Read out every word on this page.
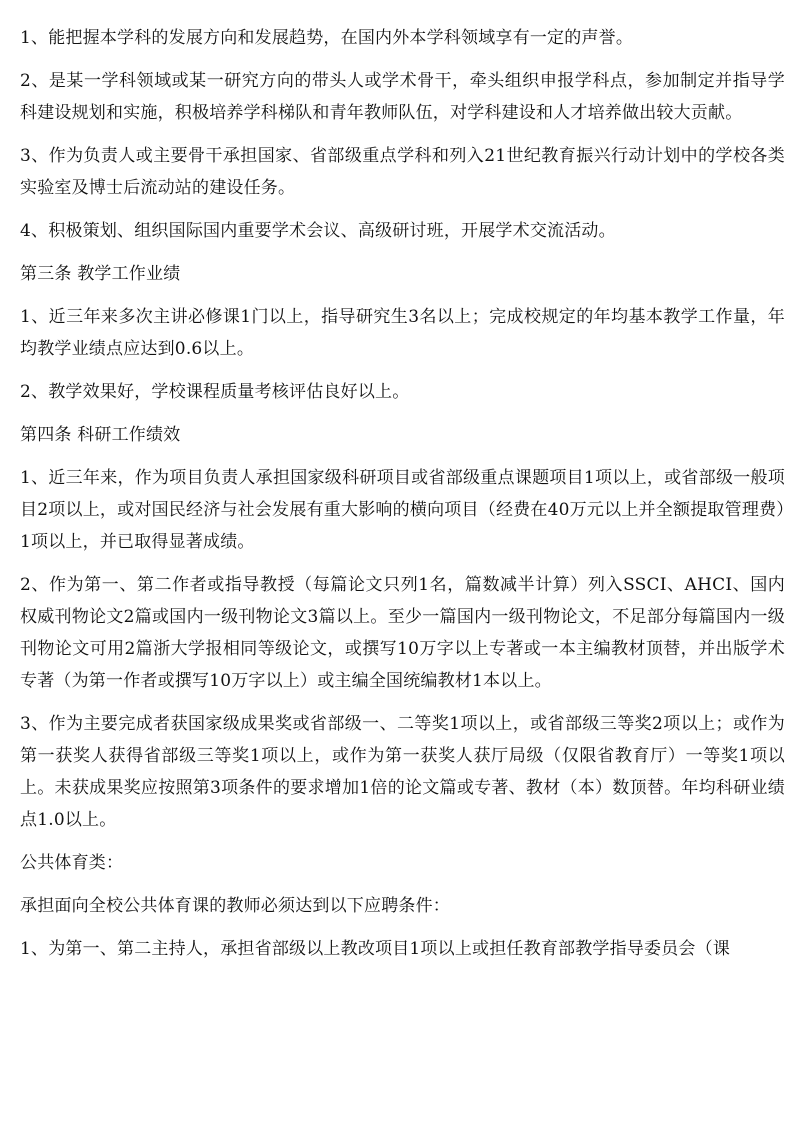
1、能把握本学科的发展方向和发展趋势，在国内外本学科领域享有一定的声誉。

2、是某一学科领域或某一研究方向的带头人或学术骨干，牵头组织申报学科点，参加制定并指导学科建设规划和实施，积极培养学科梯队和青年教师队伍，对学科建设和人才培养做出较大贡献。

3、作为负责人或主要骨干承担国家、省部级重点学科和列入21世纪教育振兴行动计划中的学校各类实验室及博士后流动站的建设任务。

4、积极策划、组织国际国内重要学术会议、高级研讨班，开展学术交流活动。

第三条 教学工作业绩

1、近三年来多次主讲必修课1门以上，指导研究生3名以上；完成校规定的年均基本教学工作量，年均教学业绩点应达到0.6以上。

2、教学效果好，学校课程质量考核评估良好以上。

第四条 科研工作绩效

1、近三年来，作为项目负责人承担国家级科研项目或省部级重点课题项目1项以上，或省部级一般项目2项以上，或对国民经济与社会发展有重大影响的横向项目（经费在40万元以上并全额提取管理费）1项以上，并已取得显著成绩。

2、作为第一、第二作者或指导教授（每篇论文只列1名，篇数减半计算）列入SSCI、AHCI、国内权威刊物论文2篇或国内一级刊物论文3篇以上。至少一篇国内一级刊物论文，不足部分每篇国内一级刊物论文可用2篇浙大学报相同等级论文，或撰写10万字以上专著或一本主编教材顶替，并出版学术专著（为第一作者或撰写10万字以上）或主编全国统编教材1本以上。

3、作为主要完成者获国家级成果奖或省部级一、二等奖1项以上，或省部级三等奖2项以上；或作为第一获奖人获得省部级三等奖1项以上，或作为第一获奖人获厅局级（仅限省教育厅）一等奖1项以上。未获成果奖应按照第3项条件的要求增加1倍的论文篇或专著、教材（本）数顶替。年均科研业绩点1.0以上。

公共体育类：

承担面向全校公共体育课的教师必须达到以下应聘条件：

1、为第一、第二主持人，承担省部级以上教改项目1项以上或担任教育部教学指导委员会（课
